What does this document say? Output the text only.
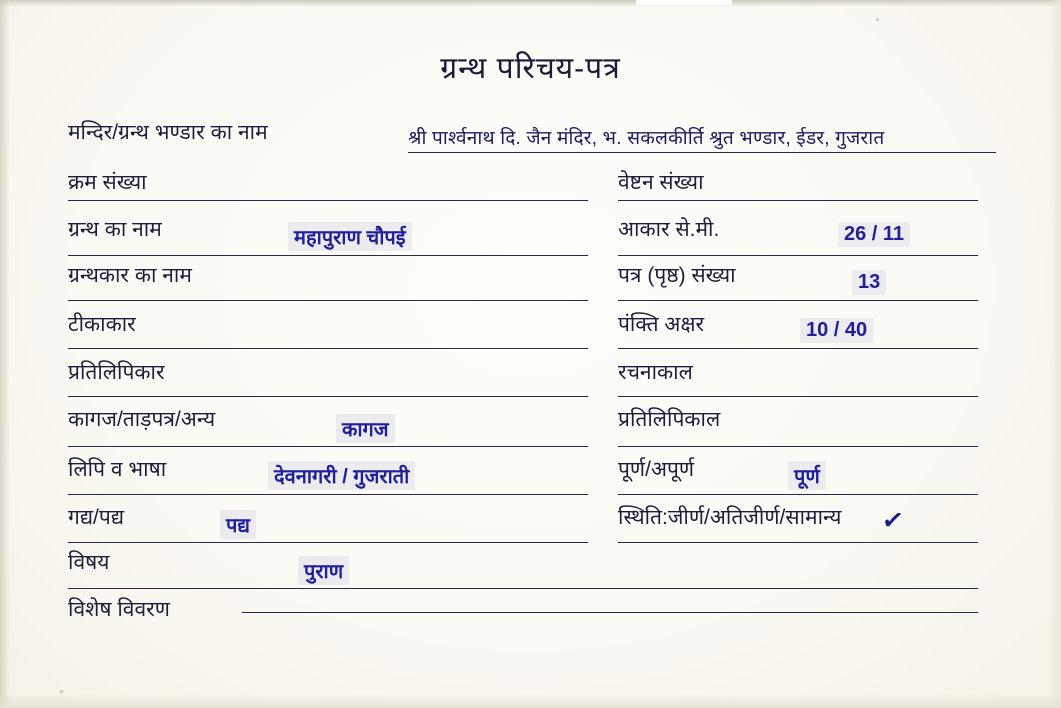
ग्रन्थ परिचय-पत्र
मन्दिर/ग्रन्थ भण्डार का नाम	श्री पार्श्वनाथ दि. जैन मंदिर, भ. सकलकीर्ति श्रुत भण्डार, ईडर, गुजरात
क्रम संख्या
ग्रन्थ का नाम	महापुराण चौपई
ग्रन्थकार का नाम
टीकाकार
प्रतिलिपिकार
कागज/ताड़पत्र/अन्य	कागज
लिपि व भाषा	देवनागरी / गुजराती
गद्य/पद्य	पद्य
विषय	पुराण
विशेष विवरण
वेष्टन संख्या
आकार से.मी.	26 / 11
पत्र (पृष्ठ) संख्या	13
पंक्ति अक्षर	10 / 40
रचनाकाल
प्रतिलिपिकाल
पूर्ण/अपूर्ण	पूर्ण
स्थिति:जीर्ण/अतिजीर्ण/सामान्य ✓
